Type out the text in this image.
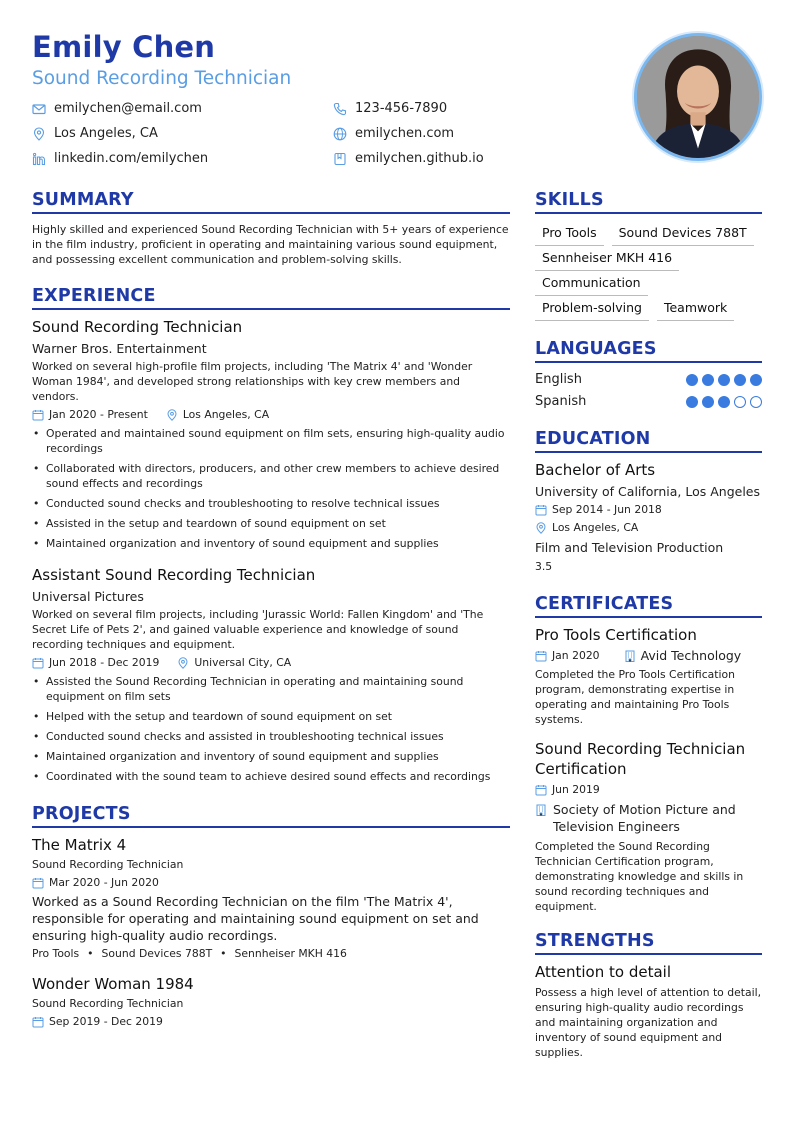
Emily Chen
Sound Recording Technician
emilychen@email.com	123-456-7890
Los Angeles, CA	emilychen.com
linkedin.com/emilychen	emilychen.github.io
SUMMARY
Highly skilled and experienced Sound Recording Technician with 5+ years of experience in the film industry, proficient in operating and maintaining various sound equipment, and possessing excellent communication and problem-solving skills.
EXPERIENCE
Sound Recording Technician
Warner Bros. Entertainment
Worked on several high-profile film projects, including 'The Matrix 4' and 'Wonder Woman 1984', and developed strong relationships with key crew members and vendors.
Jan 2020 - Present	Los Angeles, CA
• Operated and maintained sound equipment on film sets, ensuring high-quality audio recordings
• Collaborated with directors, producers, and other crew members to achieve desired sound effects and recordings
• Conducted sound checks and troubleshooting to resolve technical issues
• Assisted in the setup and teardown of sound equipment on set
• Maintained organization and inventory of sound equipment and supplies
Assistant Sound Recording Technician
Universal Pictures
Worked on several film projects, including 'Jurassic World: Fallen Kingdom' and 'The Secret Life of Pets 2', and gained valuable experience and knowledge of sound recording techniques and equipment.
Jun 2018 - Dec 2019	Universal City, CA
• Assisted the Sound Recording Technician in operating and maintaining sound equipment on film sets
• Helped with the setup and teardown of sound equipment on set
• Conducted sound checks and assisted in troubleshooting technical issues
• Maintained organization and inventory of sound equipment and supplies
• Coordinated with the sound team to achieve desired sound effects and recordings
PROJECTS
The Matrix 4
Sound Recording Technician
Mar 2020 - Jun 2020
Worked as a Sound Recording Technician on the film 'The Matrix 4', responsible for operating and maintaining sound equipment on set and ensuring high-quality audio recordings.
Pro Tools • Sound Devices 788T • Sennheiser MKH 416
Wonder Woman 1984
Sound Recording Technician
Sep 2019 - Dec 2019
SKILLS
Pro Tools Sound Devices 788T
Sennheiser MKH 416
Communication
Problem-solving Teamwork
LANGUAGES
English
Spanish
EDUCATION
Bachelor of Arts
University of California, Los Angeles
Sep 2014 - Jun 2018
Los Angeles, CA
Film and Television Production
3.5
CERTIFICATES
Pro Tools Certification
Jan 2020	Avid Technology
Completed the Pro Tools Certification program, demonstrating expertise in operating and maintaining Pro Tools systems.
Sound Recording Technician Certification
Jun 2019
Society of Motion Picture and Television Engineers
Completed the Sound Recording Technician Certification program, demonstrating knowledge and skills in sound recording techniques and equipment.
STRENGTHS
Attention to detail
Possess a high level of attention to detail, ensuring high-quality audio recordings and maintaining organization and inventory of sound equipment and supplies.
